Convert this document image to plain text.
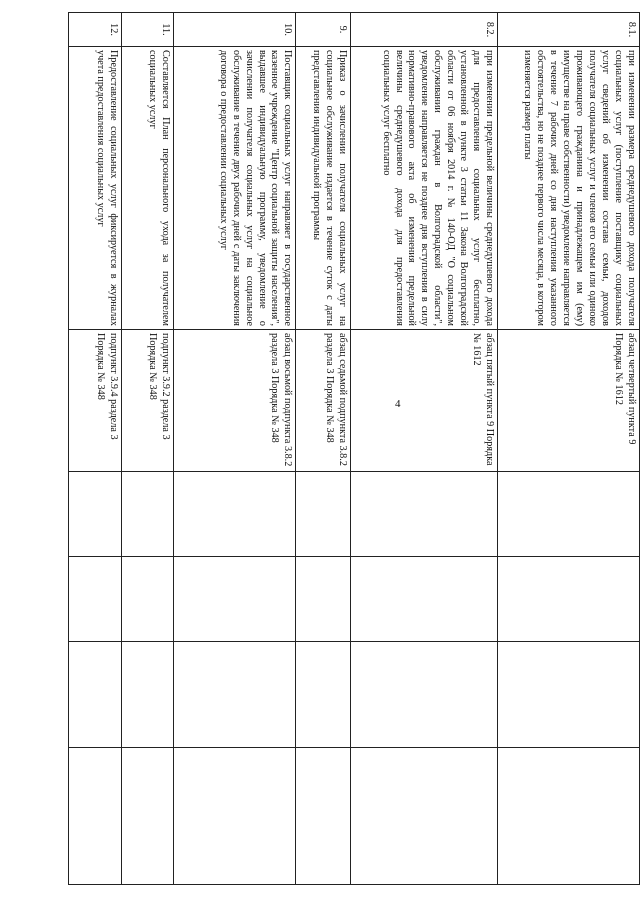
4
8.1.	при изменении размера среднедушевого дохода получателя социальных услуг (поступление поставщику социальных услуг сведений об изменении состава семьи, доходов получателя социальных услуг и членов его семьи или одиноко проживающего гражданина и принадлежащем им (ему) имуществе на праве собственности) уведомление направляется в течение 7 рабочих дней со дня наступления указанного обстоятельства, но не позднее первого числа месяца, в котором изменяется размер платы	абзац четвертый пункта 9 Порядка № 1612				
8.2.	при изменении предельной величины среднедушевого дохода для предоставления социальных услуг бесплатно, установленной в пункте 3 статьи 11 Закона Волгоградской области от 06 ноября 2014 г. № 140-ОД "О социальном обслуживании граждан в Волгоградской области", уведомление направляется не позднее дня вступления в силу нормативно-правового акта об изменения предельной величины среднедушевого дохода для предоставления социальных услуг бесплатно	абзац пятый пункта 9 Порядка № 1612				
9.	Приказ о зачислении получателя социальных услуг на социальное обслуживание издается в течение суток с даты представления индивидуальной программы	абзац седьмой подпункта 3.8.2 раздела 3 Порядка № 348				
10.	Поставщик социальных услуг направляет в государственное казенное учреждение "Центр социальной защиты населения", выдавшее индивидуальную программу, уведомление о зачислении получателя социальных услуг на социальное обслуживание в течение двух рабочих дней с даты заключения договора о предоставлении социальных услуг	абзац восьмой подпункта 3.8.2 раздела 3 Порядка № 348				
11.	Составляется План персонального ухода за получателем социальных услуг	подпункт 3.9.2 раздела 3 Порядка № 348				
12.	Предоставление социальных услуг фиксируется в журналах учета предоставления социальных услуг	подпункт 3.9.4 раздела 3 Порядка № 348				
